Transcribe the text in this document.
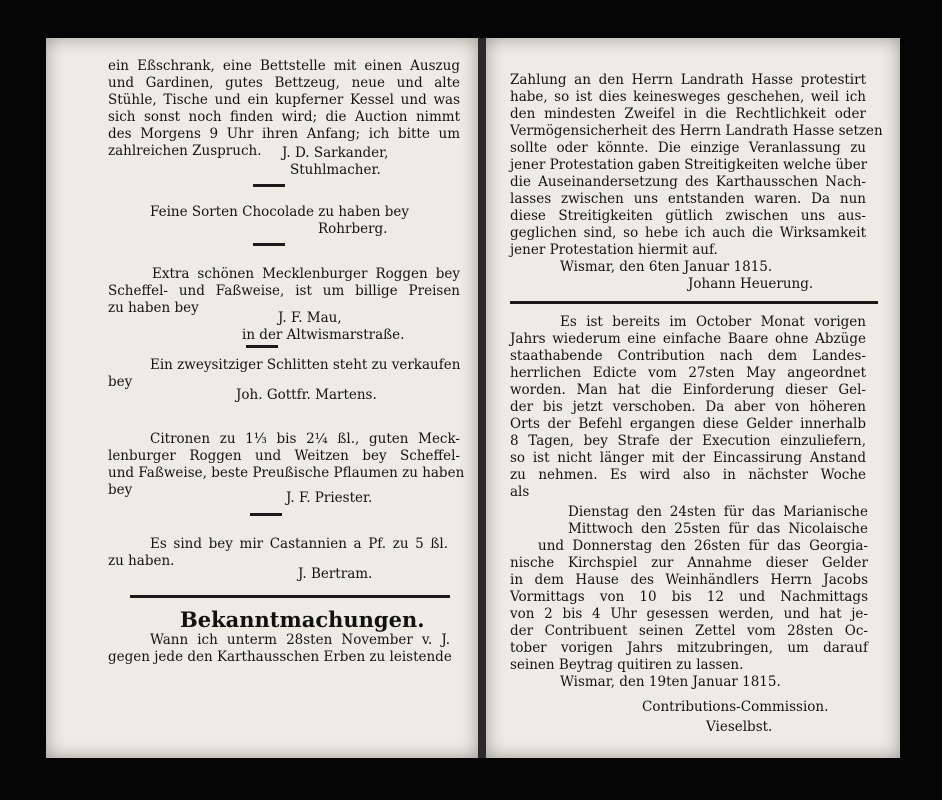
ein Eßschrank, eine Bettstelle mit einen Auszug

und Gardinen, gutes Bettzeug, neue und alte

Stühle, Tische und ein kupferner Kessel und was

sich sonst noch finden wird; die Auction nimmt

des Morgens 9 Uhr ihren Anfang; ich bitte um

zahlreichen Zuspruch. J. D. Sarkander,

Stuhlmacher.

Feine Sorten Chocolade zu haben bey

Rohrberg.

Extra schönen Mecklenburger Roggen bey

Scheffel- und Faßweise, ist um billige Preisen

zu haben bey

J. F. Mau,

in der Altwismarstraße.

Ein zweysitziger Schlitten steht zu verkaufen

bey

Joh. Gottfr. Martens.

Citronen zu 1⅓ bis 2¼ ßl., guten Meck-

lenburger Roggen und Weitzen bey Scheffel-

und Faßweise, beste Preußische Pflaumen zu haben

bey	J. F. Priester.

Es sind bey mir Castannien a Pf. zu 5 ßl.

zu haben.

J. Bertram.

Bekanntmachungen.

Wann ich unterm 28sten November v. J.

gegen jede den Karthausschen Erben zu leistende

Zahlung an den Herrn Landrath Hasse protestirt

habe, so ist dies keinesweges geschehen, weil ich

den mindesten Zweifel in die Rechtlichkeit oder

Vermögensicherheit des Herrn Landrath Hasse setzen

sollte oder könnte. Die einzige Veranlassung zu

jener Protestation gaben Streitigkeiten welche über

die Auseinandersetzung des Karthausschen Nach-

lasses zwischen uns entstanden waren. Da nun

diese Streitigkeiten gütlich zwischen uns aus-

geglichen sind, so hebe ich auch die Wirksamkeit

jener Protestation hiermit auf.

Wismar, den 6ten Januar 1815.

Johann Heuerung.

Es ist bereits im October Monat vorigen

Jahrs wiederum eine einfache Baare ohne Abzüge

staathabende Contribution nach dem Landes-

herrlichen Edicte vom 27sten May angeordnet

worden. Man hat die Einforderung dieser Gel-

der bis jetzt verschoben. Da aber von höheren

Orts der Befehl ergangen diese Gelder innerhalb

8 Tagen, bey Strafe der Execution einzuliefern,

so ist nicht länger mit der Eincassirung Anstand

zu nehmen. Es wird also in nächster Woche

als

Dienstag den 24sten für das Marianische

Mittwoch den 25sten für das Nicolaische

und Donnerstag den 26sten für das Georgia-

nische Kirchspiel zur Annahme dieser Gelder

in dem Hause des Weinhändlers Herrn Jacobs

Vormittags von 10 bis 12 und Nachmittags

von 2 bis 4 Uhr gesessen werden, und hat je-

der Contribuent seinen Zettel vom 28sten Oc-

tober vorigen Jahrs mitzubringen, um darauf

seinen Beytrag quitiren zu lassen.

Wismar, den 19ten Januar 1815.

Contributions-Commission.

Vieselbst.
